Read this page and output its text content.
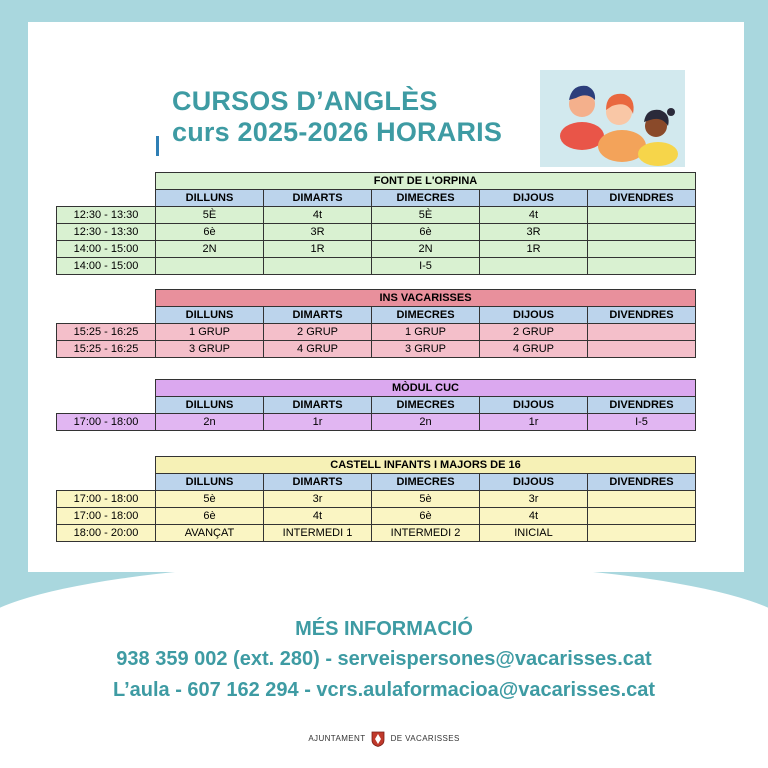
CURSOS D’ANGLÈS
curs 2025-2026 HORARIS
	FONT DE L'ORPINA				
	DILLUNS	DIMARTS	DIMECRES	DIJOUS	DIVENDRES
12:30 - 13:30	5È	4t	5È	4t	
12:30 - 13:30	6è	3R	6è	3R	
14:00 - 15:00	2N	1R	2N	1R	
14:00 - 15:00			I-5		
	INS VACARISSES				
	DILLUNS	DIMARTS	DIMECRES	DIJOUS	DIVENDRES
15:25 - 16:25	1 GRUP	2 GRUP	1 GRUP	2 GRUP	
15:25 - 16:25	3 GRUP	4 GRUP	3 GRUP	4 GRUP	
	MÒDUL CUC				
	DILLUNS	DIMARTS	DIMECRES	DIJOUS	DIVENDRES
17:00 - 18:00	2n	1r	2n	1r	I-5
	CASTELL INFANTS I MAJORS DE 16				
	DILLUNS	DIMARTS	DIMECRES	DIJOUS	DIVENDRES
17:00 - 18:00	5è	3r	5è	3r	
17:00 - 18:00	6è	4t	6è	4t	
18:00 - 20:00	AVANÇAT	INTERMEDI 1	INTERMEDI 2	INICIAL	
MÉS INFORMACIÓ
938 359 002 (ext. 280) - serveispersones@vacarisses.cat
L’aula - 607 162 294 - vcrs.aulaformacioa@vacarisses.cat
AJUNTAMENT	DE VACARISSES
